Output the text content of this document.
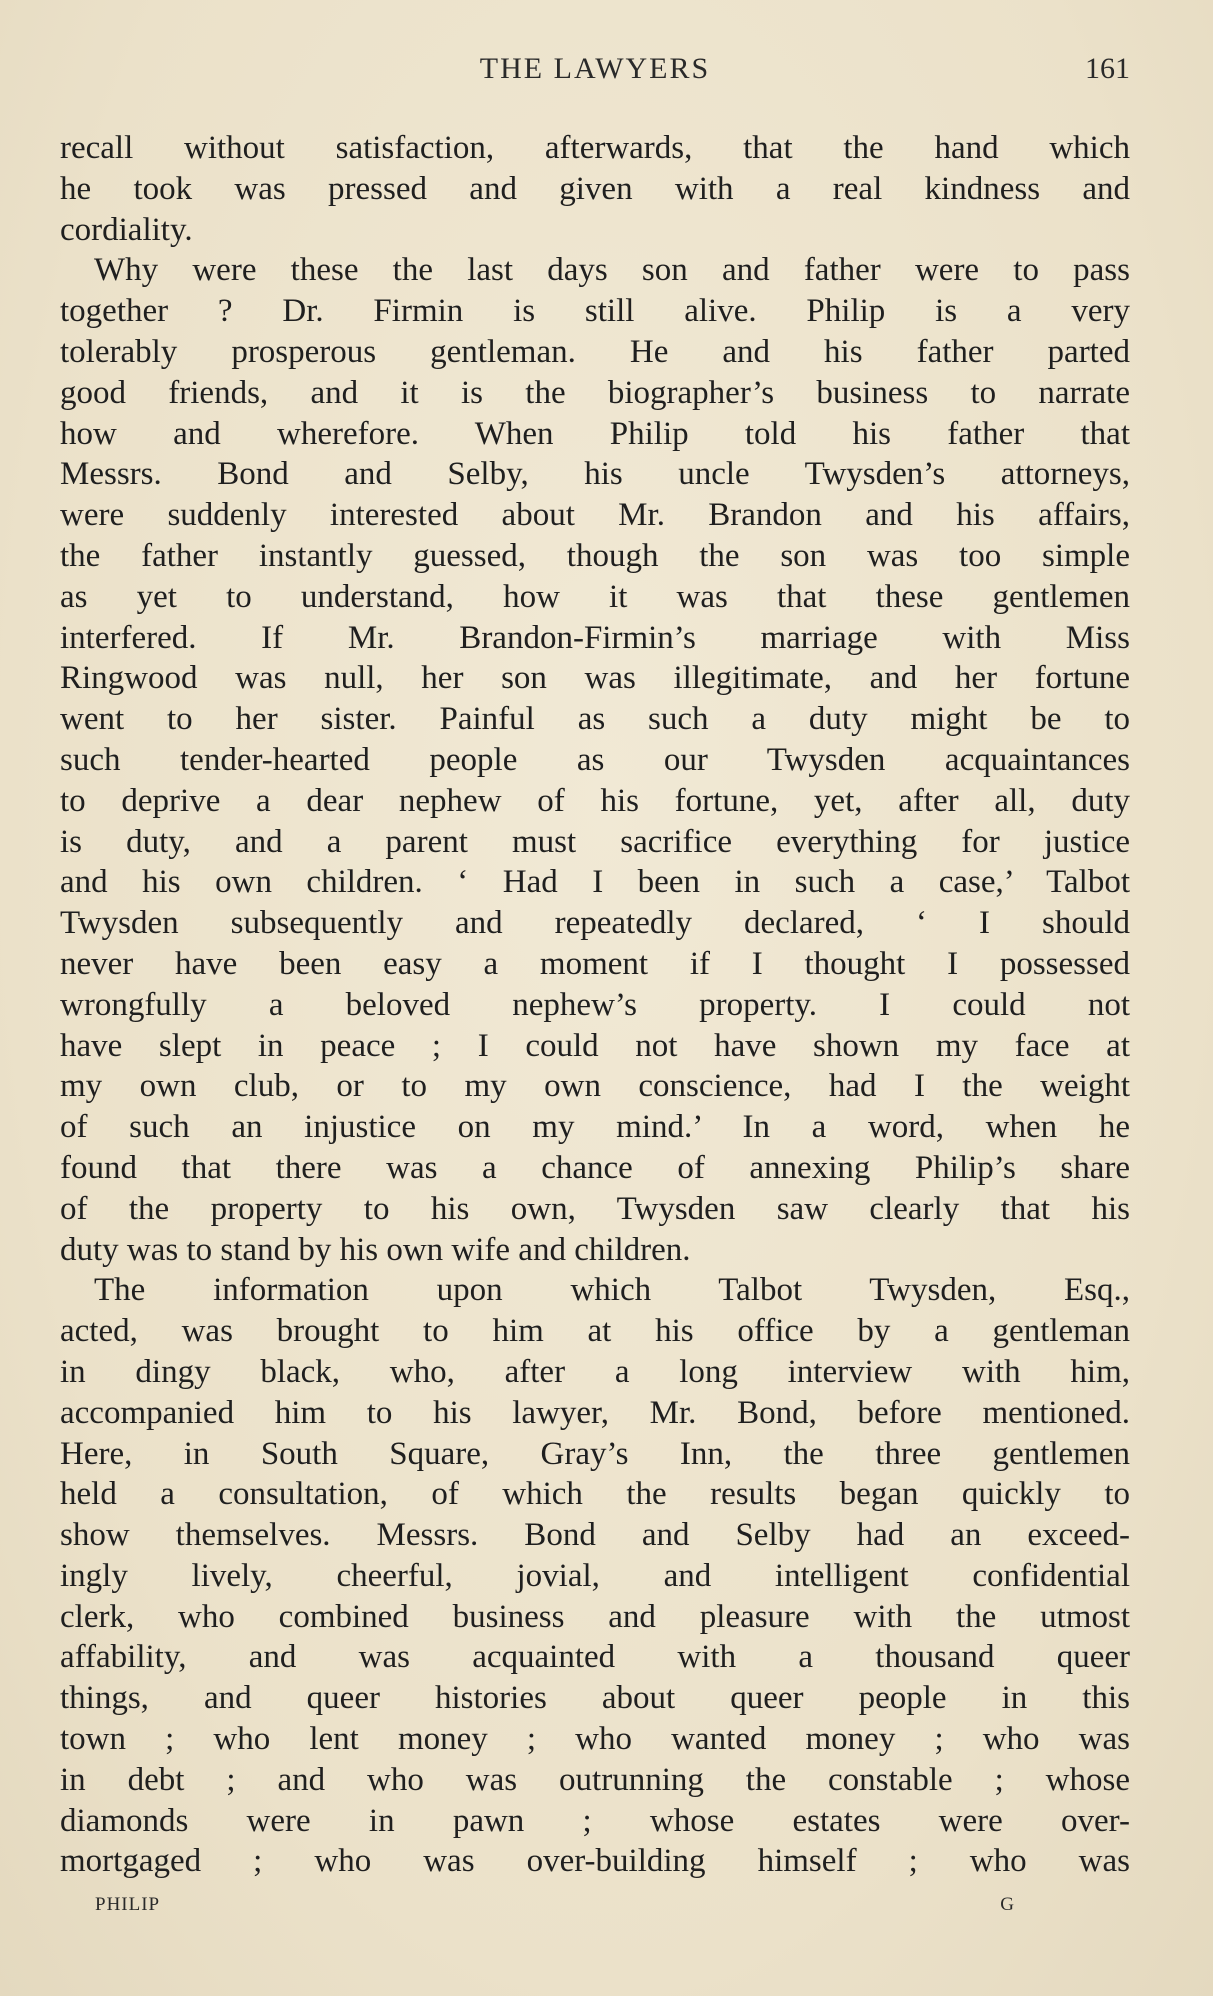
THE LAWYERS	161
recall without satisfaction, afterwards, that the hand which
he took was pressed and given with a real kindness and
cordiality.
Why were these the last days son and father were to pass
together ? Dr. Firmin is still alive. Philip is a very
tolerably prosperous gentleman. He and his father parted
good friends, and it is the biographer’s business to narrate
how and wherefore. When Philip told his father that
Messrs. Bond and Selby, his uncle Twysden’s attorneys,
were suddenly interested about Mr. Brandon and his affairs,
the father instantly guessed, though the son was too simple
as yet to understand, how it was that these gentlemen
interfered. If Mr. Brandon-Firmin’s marriage with Miss
Ringwood was null, her son was illegitimate, and her fortune
went to her sister. Painful as such a duty might be to
such tender-hearted people as our Twysden acquaintances
to deprive a dear nephew of his fortune, yet, after all, duty
is duty, and a parent must sacrifice everything for justice
and his own children. ‘ Had I been in such a case,’ Talbot
Twysden subsequently and repeatedly declared, ‘ I should
never have been easy a moment if I thought I possessed
wrongfully a beloved nephew’s property. I could not
have slept in peace ; I could not have shown my face at
my own club, or to my own conscience, had I the weight
of such an injustice on my mind.’ In a word, when he
found that there was a chance of annexing Philip’s share
of the property to his own, Twysden saw clearly that his
duty was to stand by his own wife and children.
The information upon which Talbot Twysden, Esq.,
acted, was brought to him at his office by a gentleman
in dingy black, who, after a long interview with him,
accompanied him to his lawyer, Mr. Bond, before mentioned.
Here, in South Square, Gray’s Inn, the three gentlemen
held a consultation, of which the results began quickly to
show themselves. Messrs. Bond and Selby had an exceed-
ingly lively, cheerful, jovial, and intelligent confidential
clerk, who combined business and pleasure with the utmost
affability, and was acquainted with a thousand queer
things, and queer histories about queer people in this
town ; who lent money ; who wanted money ; who was
in debt ; and who was outrunning the constable ; whose
diamonds were in pawn ; whose estates were over-
mortgaged ; who was over-building himself ; who was
PHILIP	G
